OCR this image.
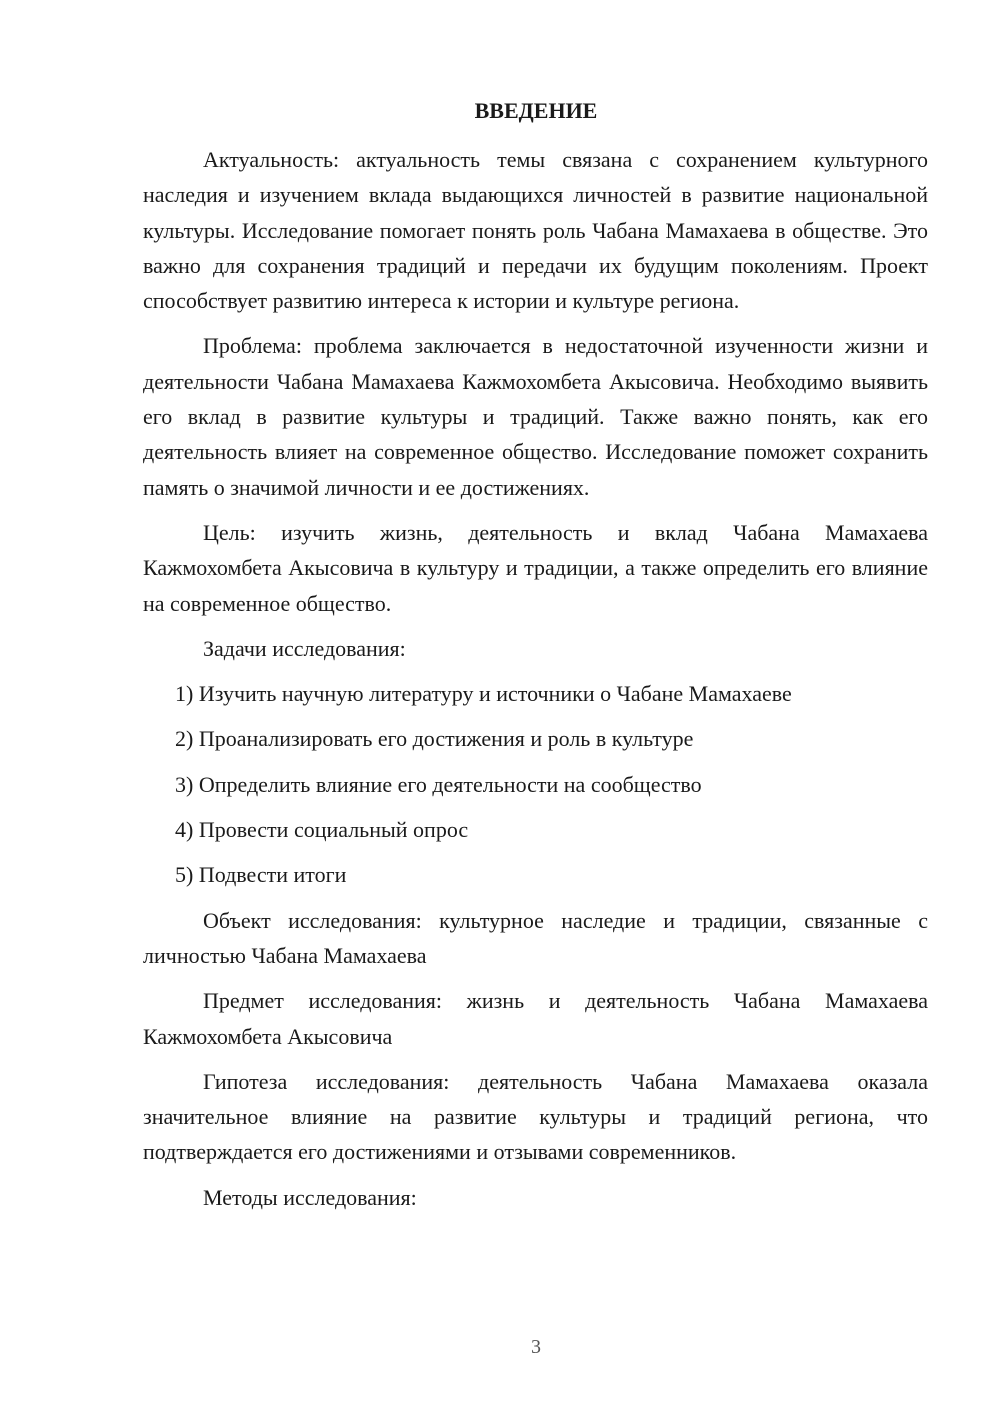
ВВЕДЕНИЕ

Актуальность: актуальность темы связана с сохранением культурного наследия и изучением вклада выдающихся личностей в развитие национальной культуры. Исследование помогает понять роль Чабана Мамахаева в обществе. Это важно для сохранения традиций и передачи их будущим поколениям. Проект способствует развитию интереса к истории и культуре региона.

Проблема: проблема заключается в недостаточной изученности жизни и деятельности Чабана Мамахаева Кажмохомбета Акысовича. Необходимо выявить его вклад в развитие культуры и традиций. Также важно понять, как его деятельность влияет на современное общество. Исследование поможет сохранить память о значимой личности и ее достижениях.

Цель: изучить жизнь, деятельность и вклад Чабана Мамахаева Кажмохомбета Акысовича в культуру и традиции, а также определить его влияние на современное общество.

Задачи исследования:

1) Изучить научную литературу и источники о Чабане Мамахаеве

2) Проанализировать его достижения и роль в культуре

3) Определить влияние его деятельности на сообщество

4) Провести социальный опрос

5) Подвести итоги

Объект исследования: культурное наследие и традиции, связанные с личностью Чабана Мамахаева

Предмет исследования: жизнь и деятельность Чабана Мамахаева Кажмохомбета Акысовича

Гипотеза исследования: деятельность Чабана Мамахаева оказала значительное влияние на развитие культуры и традиций региона, что подтверждается его достижениями и отзывами современников.

Методы исследования:

3
